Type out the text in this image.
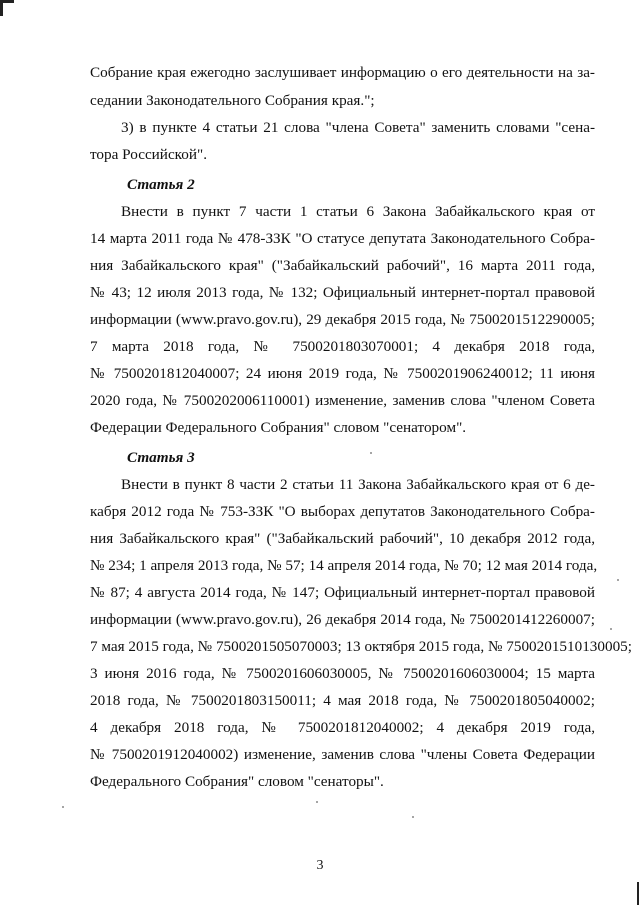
Собрание края ежегодно заслушивает информацию о его деятельности на за-
седании Законодательного Собрания края.";
3) в пункте 4 статьи 21 слова "члена Совета" заменить словами "сена-
тора Российской".
Статья 2
Внести в пункт 7 части 1 статьи 6 Закона Забайкальского края от
14 марта 2011 года № 478-ЗЗК "О статусе депутата Законодательного Собра-
ния Забайкальского края" ("Забайкальский рабочий", 16 марта 2011 года,
№ 43; 12 июля 2013 года, № 132; Официальный интернет-портал правовой
информации (www.pravo.gov.ru), 29 декабря 2015 года, № 7500201512290005;
7 марта 2018 года, № 7500201803070001; 4 декабря 2018 года,
№ 7500201812040007; 24 июня 2019 года, № 7500201906240012; 11 июня
2020 года, № 7500202006110001) изменение, заменив слова "членом Совета
Федерации Федерального Собрания" словом "сенатором".
Статья 3
Внести в пункт 8 части 2 статьи 11 Закона Забайкальского края от 6 де-
кабря 2012 года № 753-ЗЗК "О выборах депутатов Законодательного Собра-
ния Забайкальского края" ("Забайкальский рабочий", 10 декабря 2012 года,
№ 234; 1 апреля 2013 года, № 57; 14 апреля 2014 года, № 70; 12 мая 2014 года,
№ 87; 4 августа 2014 года, № 147; Официальный интернет-портал правовой
информации (www.pravo.gov.ru), 26 декабря 2014 года, № 7500201412260007;
7 мая 2015 года, № 7500201505070003; 13 октября 2015 года, № 7500201510130005;
3 июня 2016 года, № 7500201606030005, № 7500201606030004; 15 марта
2018 года, № 7500201803150011; 4 мая 2018 года, № 7500201805040002;
4 декабря 2018 года, № 7500201812040002; 4 декабря 2019 года,
№ 7500201912040002) изменение, заменив слова "члены Совета Федерации
Федерального Собрания" словом "сенаторы".
3
